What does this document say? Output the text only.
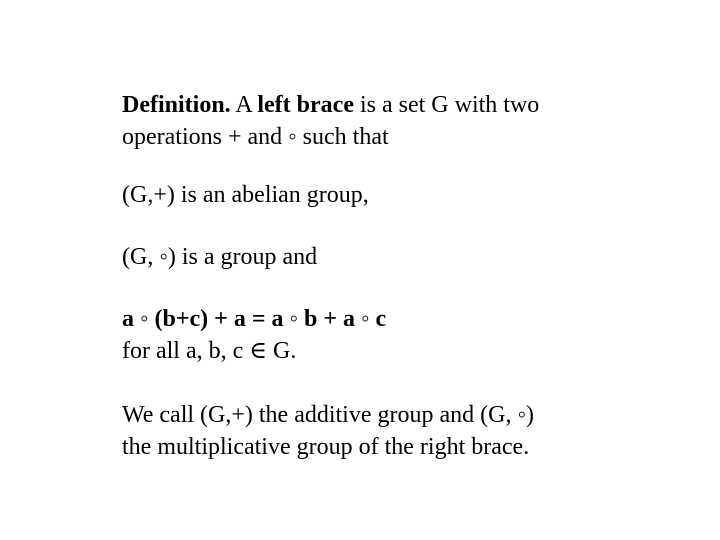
Definition. A left brace is a set G with two
operations + and ◦ such that

(G,+) is an abelian group,

(G, ◦) is a group and

a ◦ (b+c) + a = a ◦ b + a ◦ c
for all a, b, c ∈ G.

We call (G,+) the additive group and (G, ◦)
the multiplicative group of the right brace.
